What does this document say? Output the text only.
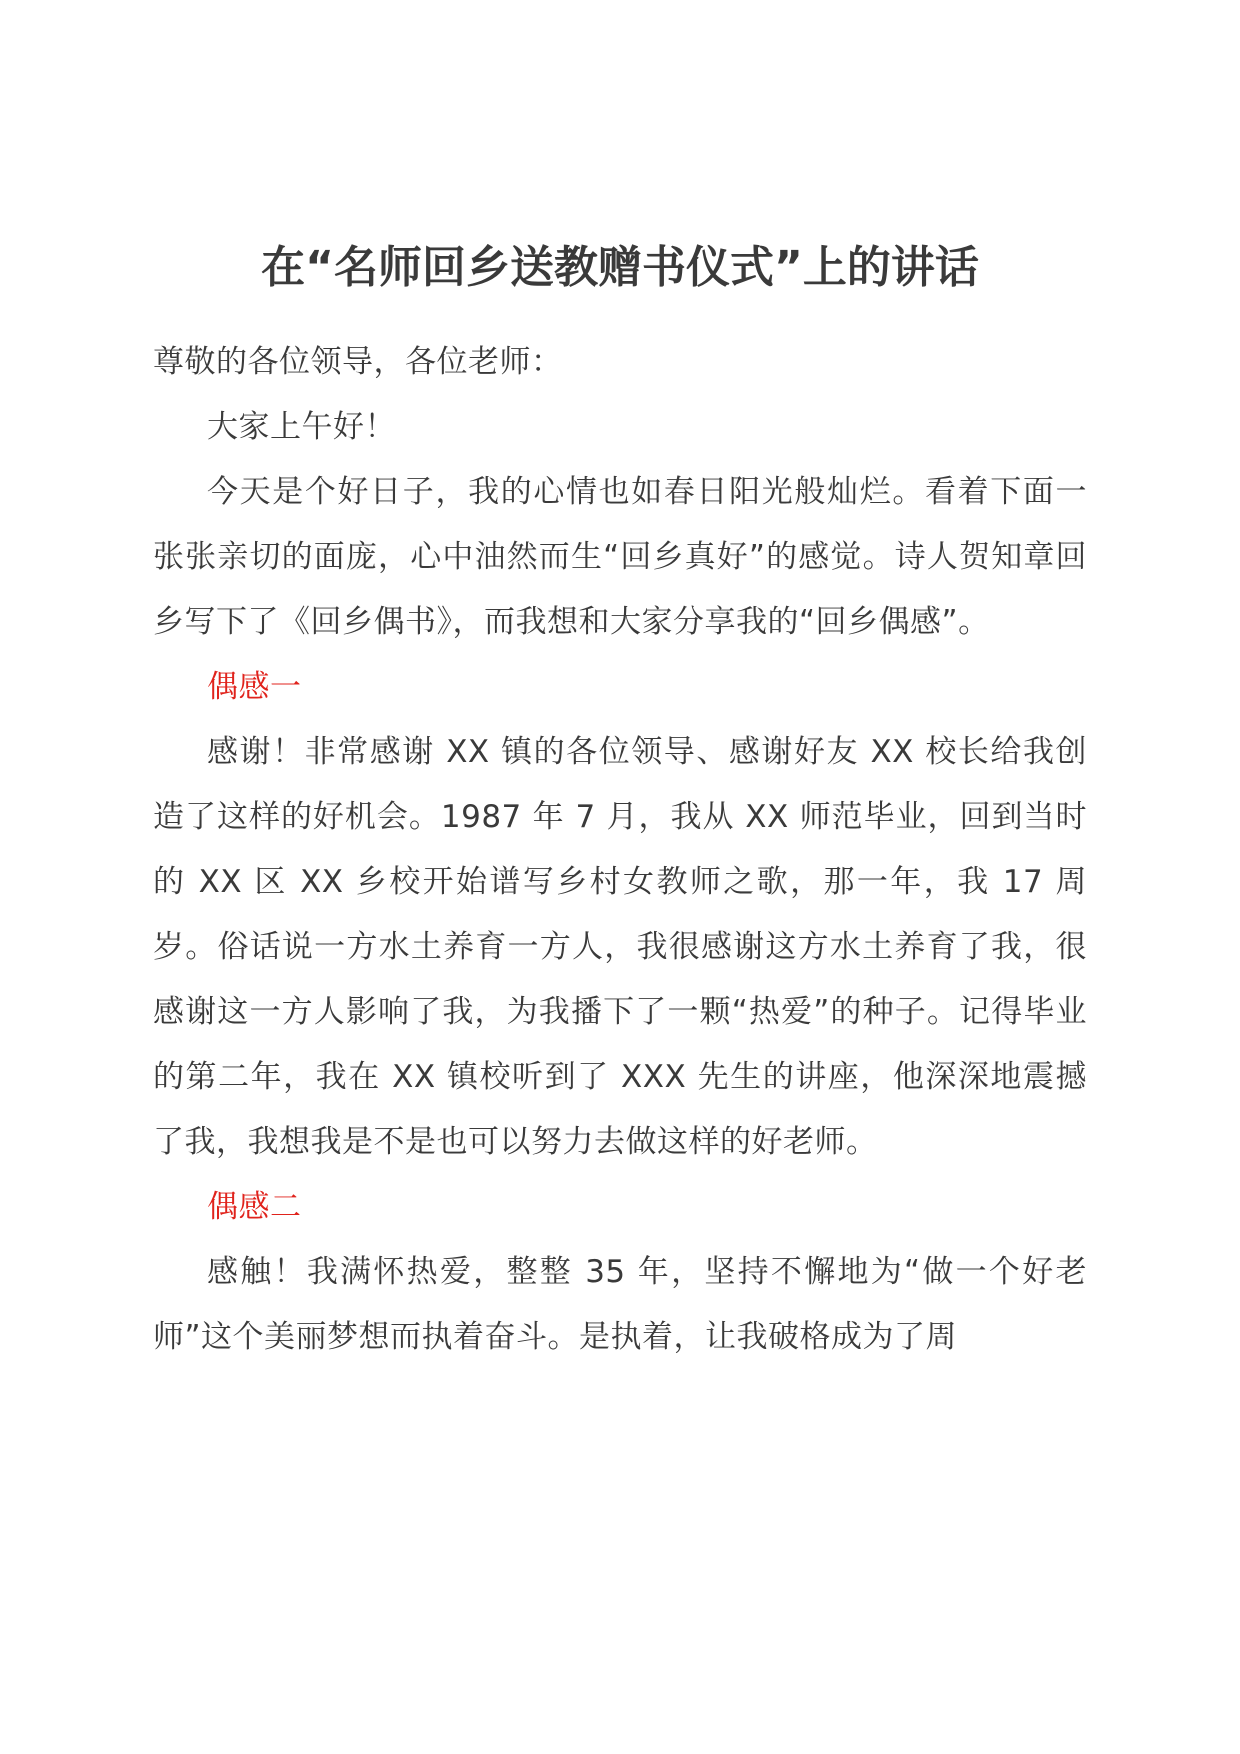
在“名师回乡送教赠书仪式”上的讲话

尊敬的各位领导，各位老师：

大家上午好！

今天是个好日子，我的心情也如春日阳光般灿烂。看着下面一张张亲切的面庞，心中油然而生“回乡真好”的感觉。诗人贺知章回乡写下了《回乡偶书》，而我想和大家分享我的“回乡偶感”。

偶感一

感谢！非常感谢 XX 镇的各位领导、感谢好友 XX 校长给我创造了这样的好机会。1987 年 7 月，我从 XX 师范毕业，回到当时的 XX 区 XX 乡校开始谱写乡村女教师之歌，那一年，我 17 周岁。俗话说一方水土养育一方人，我很感谢这方水土养育了我，很感谢这一方人影响了我，为我播下了一颗“热爱”的种子。记得毕业的第二年，我在 XX 镇校听到了 XXX 先生的讲座，他深深地震撼了我，我想我是不是也可以努力去做这样的好老师。

偶感二

感触！我满怀热爱，整整 35 年，坚持不懈地为“做一个好老师”这个美丽梦想而执着奋斗。是执着，让我破格成为了周
